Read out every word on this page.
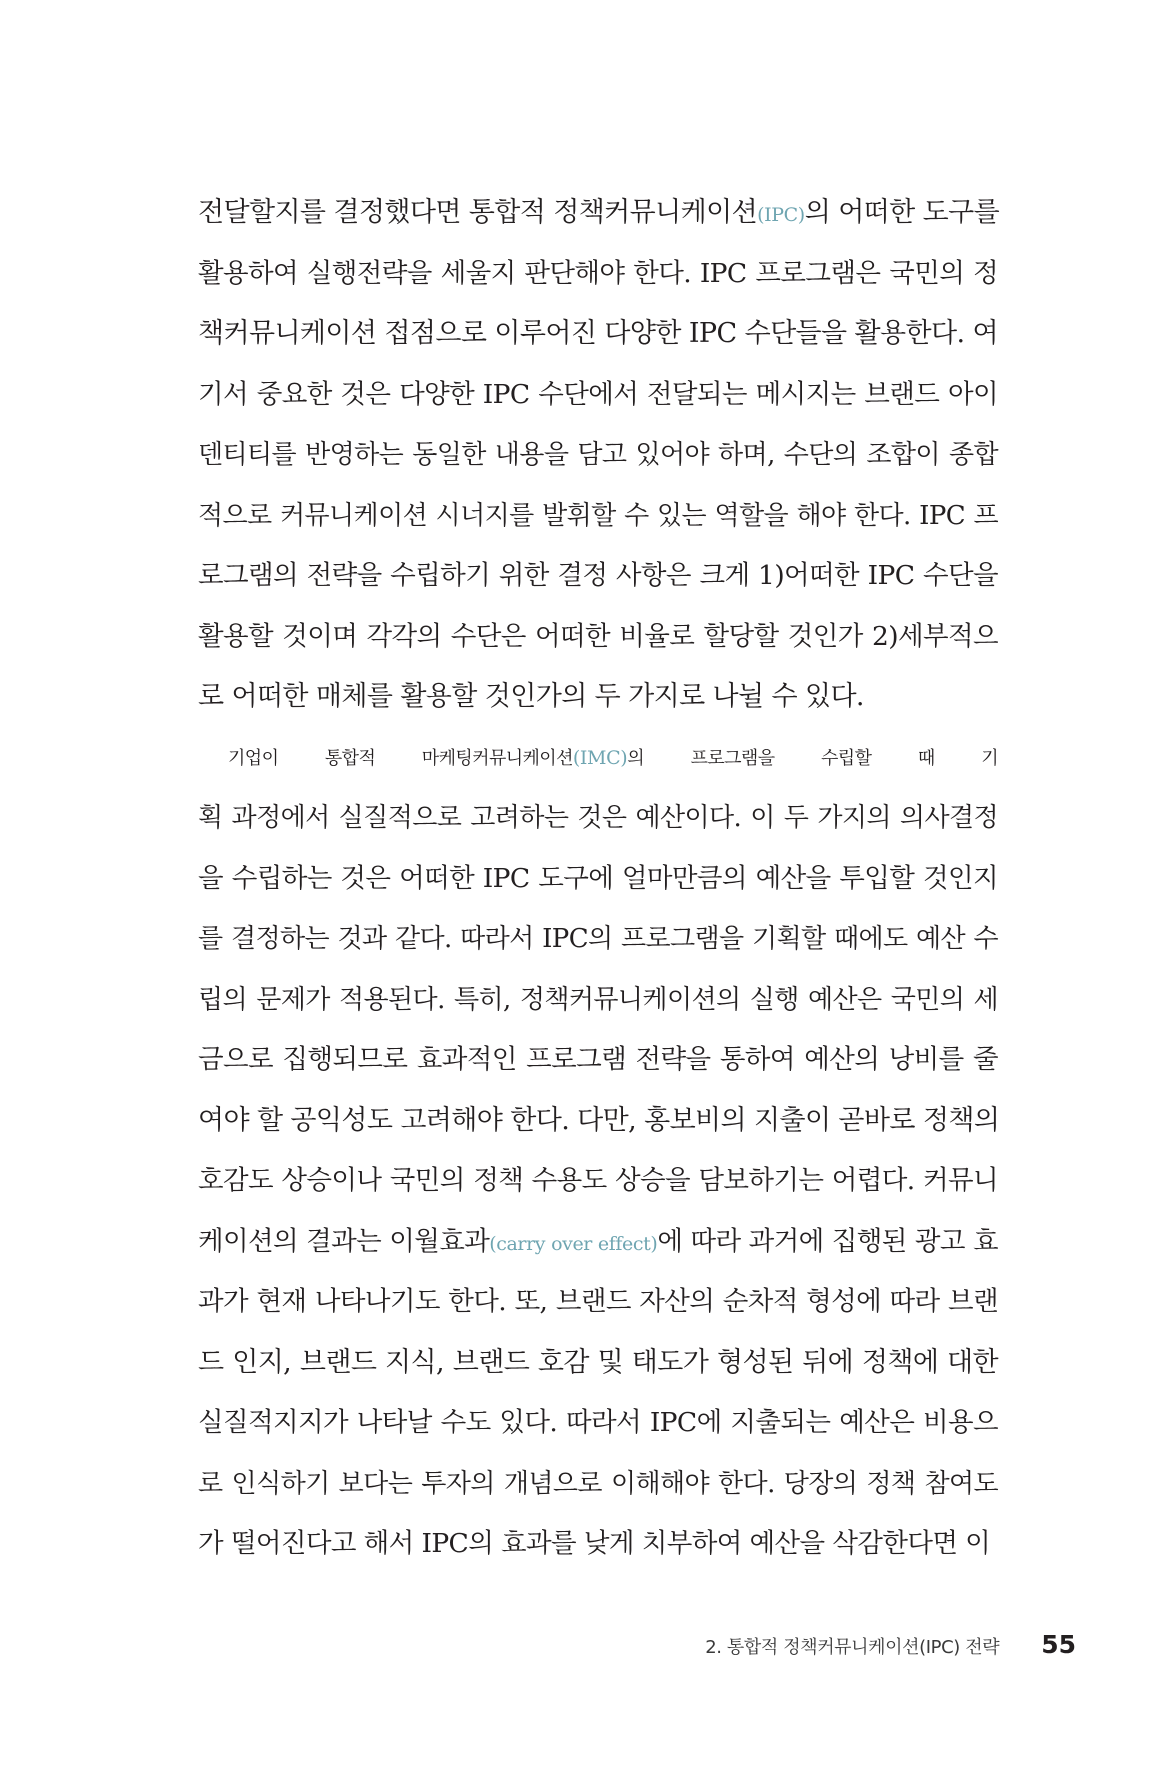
전달할지를 결정했다면 통합적 정책커뮤니케이션(IPC)의 어떠한 도구를
활용하여 실행전략을 세울지 판단해야 한다. IPC 프로그램은 국민의 정
책커뮤니케이션 접점으로 이루어진 다양한 IPC 수단들을 활용한다. 여
기서 중요한 것은 다양한 IPC 수단에서 전달되는 메시지는 브랜드 아이
덴티티를 반영하는 동일한 내용을 담고 있어야 하며, 수단의 조합이 종합
적으로 커뮤니케이션 시너지를 발휘할 수 있는 역할을 해야 한다. IPC 프
로그램의 전략을 수립하기 위한 결정 사항은 크게 1)어떠한 IPC 수단을
활용할 것이며 각각의 수단은 어떠한 비율로 할당할 것인가 2)세부적으
로 어떠한 매체를 활용할 것인가의 두 가지로 나뉠 수 있다.
기업이 통합적 마케팅커뮤니케이션(IMC)의 프로그램을 수립할 때 기
획 과정에서 실질적으로 고려하는 것은 예산이다. 이 두 가지의 의사결정
을 수립하는 것은 어떠한 IPC 도구에 얼마만큼의 예산을 투입할 것인지
를 결정하는 것과 같다. 따라서 IPC의 프로그램을 기획할 때에도 예산 수
립의 문제가 적용된다. 특히, 정책커뮤니케이션의 실행 예산은 국민의 세
금으로 집행되므로 효과적인 프로그램 전략을 통하여 예산의 낭비를 줄
여야 할 공익성도 고려해야 한다. 다만, 홍보비의 지출이 곧바로 정책의
호감도 상승이나 국민의 정책 수용도 상승을 담보하기는 어렵다. 커뮤니
케이션의 결과는 이월효과(carry over effect)에 따라 과거에 집행된 광고 효
과가 현재 나타나기도 한다. 또, 브랜드 자산의 순차적 형성에 따라 브랜
드 인지, 브랜드 지식, 브랜드 호감 및 태도가 형성된 뒤에 정책에 대한
실질적지지가 나타날 수도 있다. 따라서 IPC에 지출되는 예산은 비용으
로 인식하기 보다는 투자의 개념으로 이해해야 한다. 당장의 정책 참여도
가 떨어진다고 해서 IPC의 효과를 낮게 치부하여 예산을 삭감한다면 이
2. 통합적 정책커뮤니케이션(IPC) 전략 55
